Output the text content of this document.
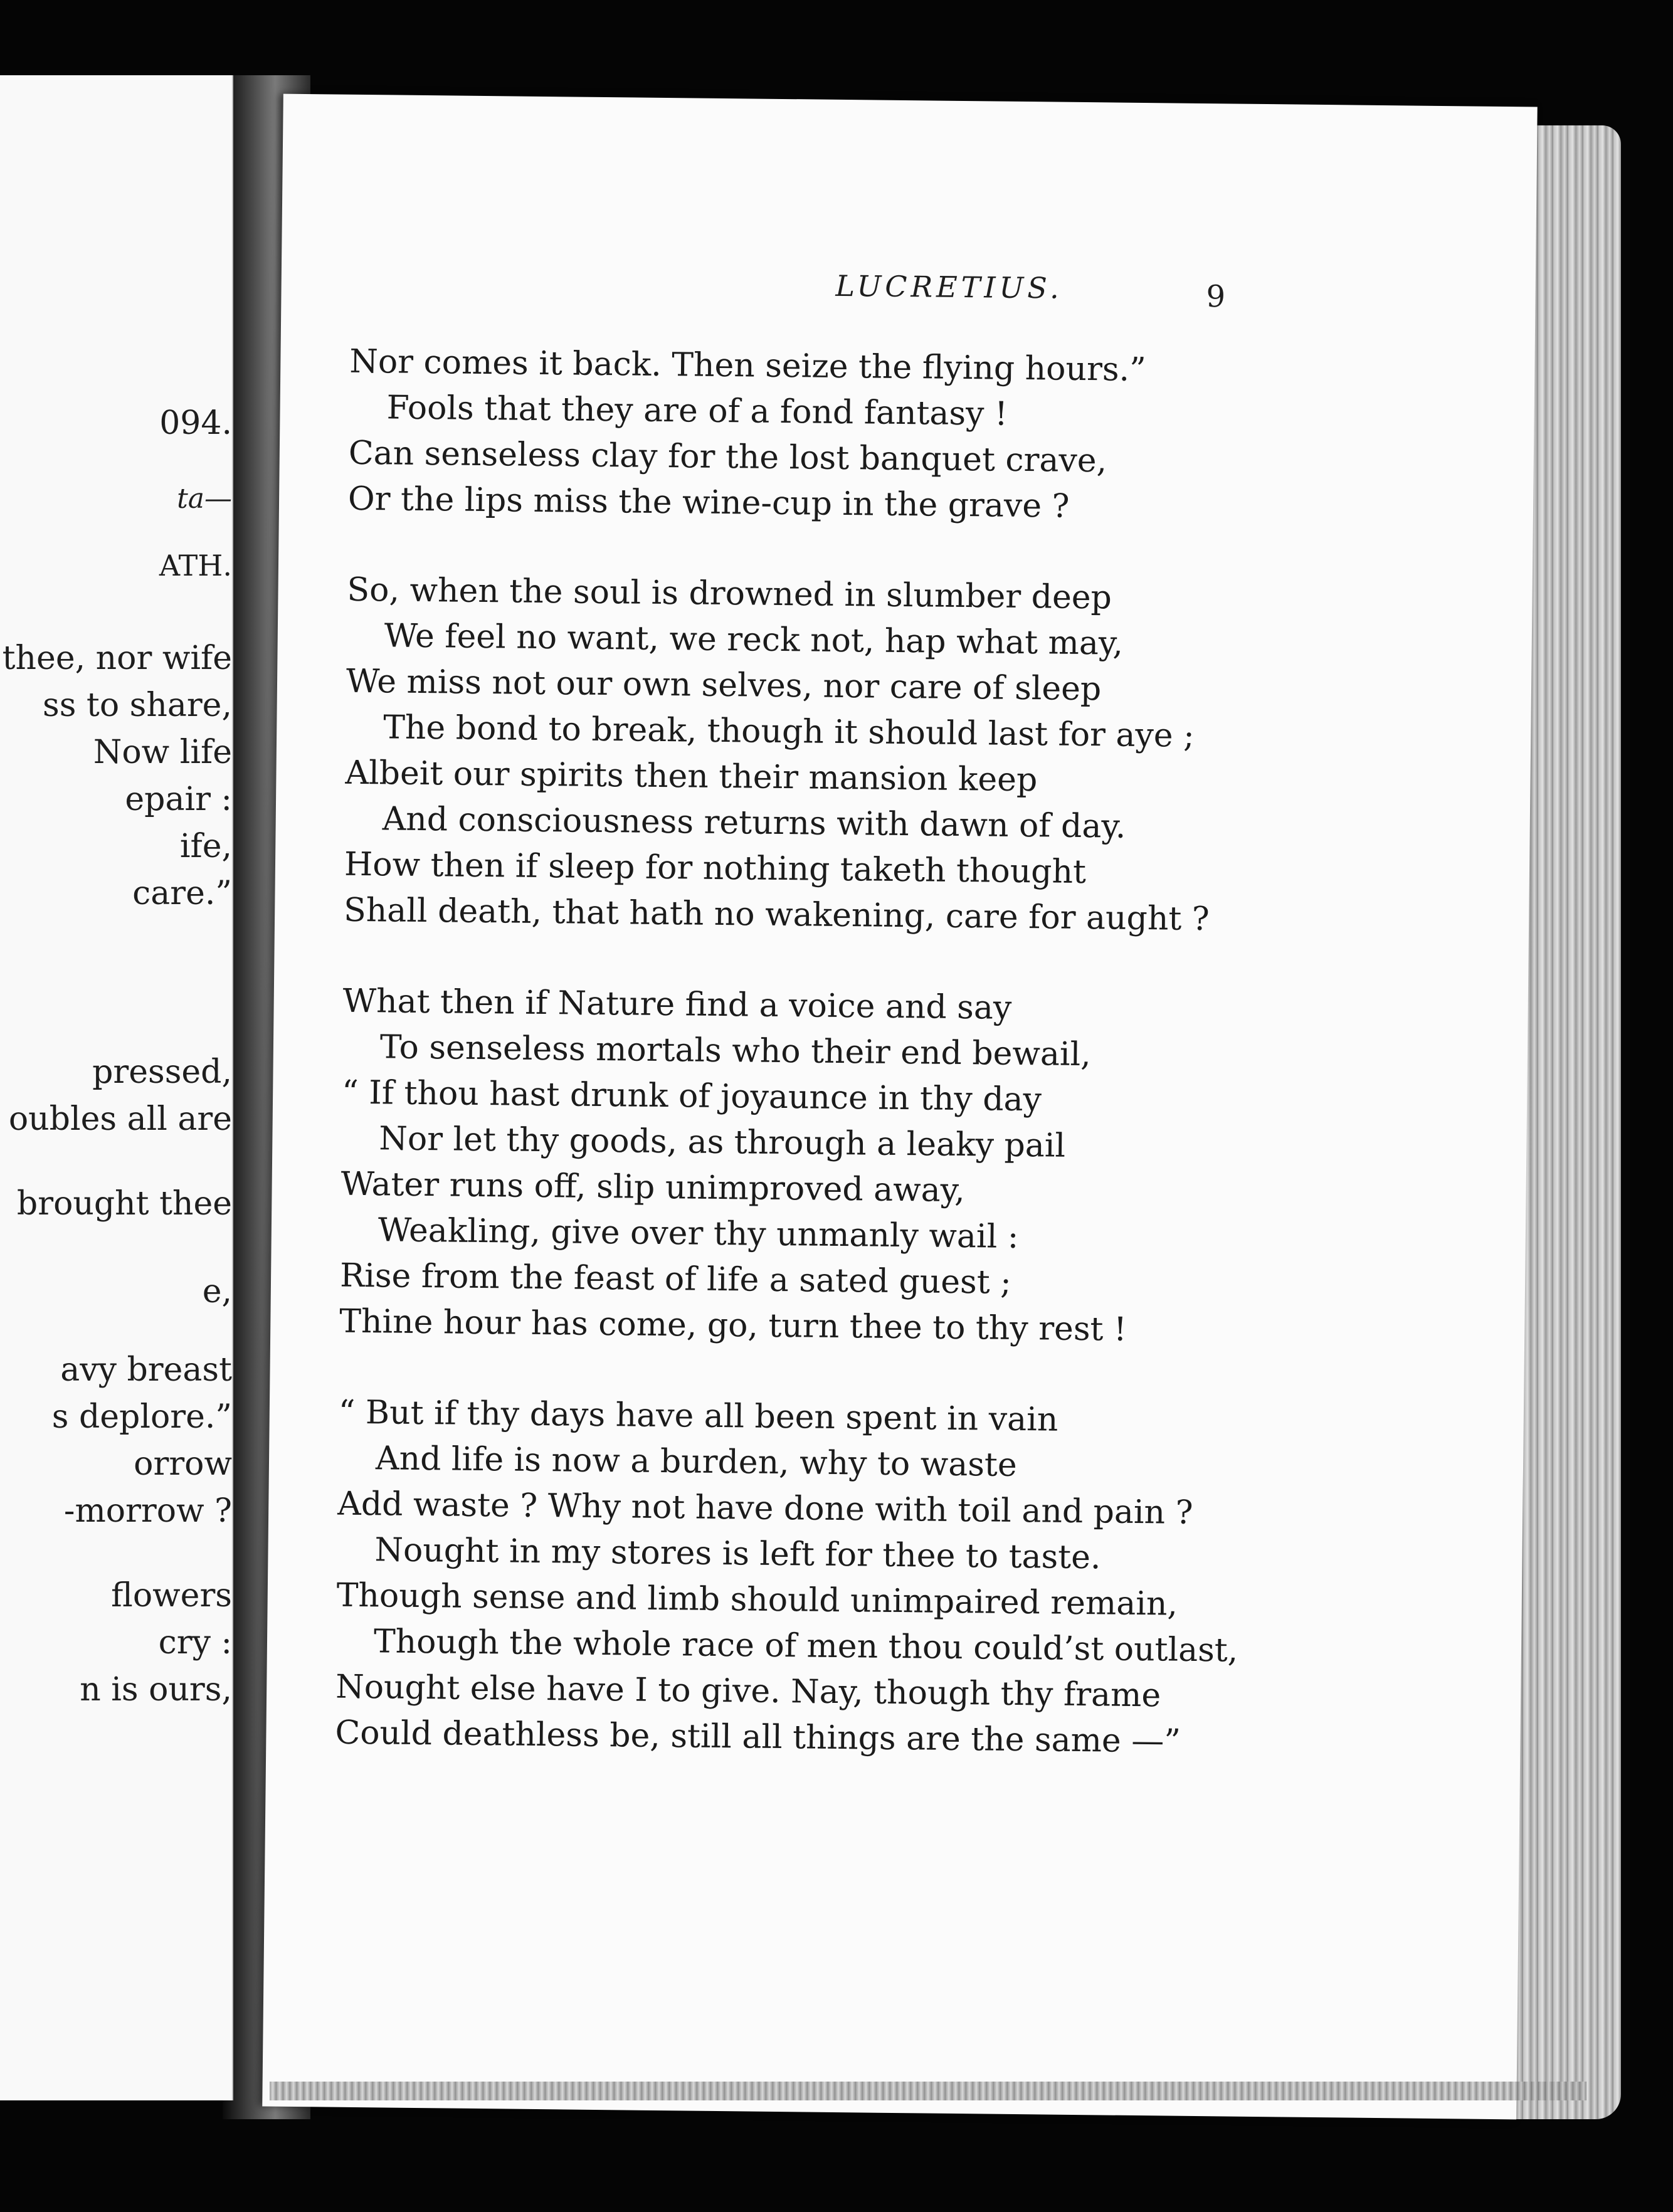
094.
ta—
ATH.
thee, nor wife
ss to share,
Now life
epair :
ife,
care.”
pressed,
oubles all are
brought thee
e,
avy breast
s deplore.”
orrow
-morrow ?
flowers
cry :
n is ours,
LUCRETIUS.	9
Nor comes it back. Then seize the flying hours.”
Fools that they are of a fond fantasy !
Can senseless clay for the lost banquet crave,
Or the lips miss the wine-cup in the grave ?
So, when the soul is drowned in slumber deep
We feel no want, we reck not, hap what may,
We miss not our own selves, nor care of sleep
The bond to break, though it should last for aye ;
Albeit our spirits then their mansion keep
And consciousness returns with dawn of day.
How then if sleep for nothing taketh thought
Shall death, that hath no wakening, care for aught ?
What then if Nature find a voice and say
To senseless mortals who their end bewail,
“ If thou hast drunk of joyaunce in thy day
Nor let thy goods, as through a leaky pail
Water runs off, slip unimproved away,
Weakling, give over thy unmanly wail :
Rise from the feast of life a sated guest ;
Thine hour has come, go, turn thee to thy rest !
“ But if thy days have all been spent in vain
And life is now a burden, why to waste
Add waste ? Why not have done with toil and pain ?
Nought in my stores is left for thee to taste.
Though sense and limb should unimpaired remain,
Though the whole race of men thou could’st outlast,
Nought else have I to give. Nay, though thy frame
Could deathless be, still all things are the same —”
